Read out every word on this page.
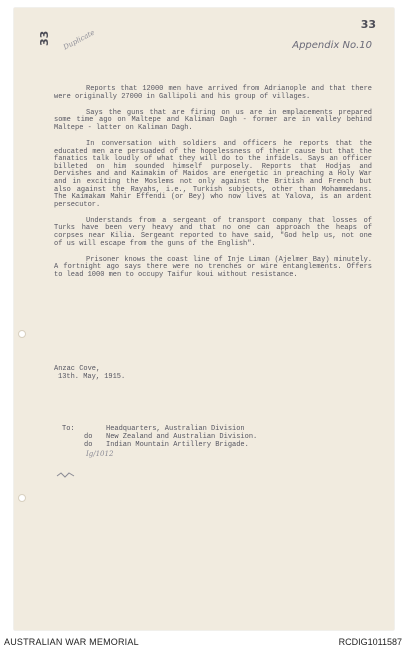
33
33 Duplicate	Appendix No.10

Reports that 12000 men have arrived from Adrianople and that there were originally 27000 in Gallipoli and his group of villages.

Says the guns that are firing on us are in emplacements prepared some time ago on Maltepe and Kaliman Dagh - former are in valley behind Maltepe - latter on Kaliman Dagh.

In conversation with soldiers and officers he reports that the educated men are persuaded of the hopelessness of their cause but that the fanatics talk loudly of what they will do to the infidels. Says an officer billeted on him sounded himself purposely. Reports that Hodjas and Dervishes and and Kaimakim of Maidos are energetic in preaching a Holy War and in exciting the Moslems not only against the British and French but also against the Rayahs, i.e., Turkish subjects, other than Mohammedans. The Kaimakam Mahir Effendi (or Bey) who now lives at Yalova, is an ardent persecutor.

Understands from a sergeant of transport company that losses of Turks have been very heavy and that no one can approach the heaps of corpses near Kilia. Sergeant reported to have said, "God help us, not one of us will escape from the guns of the English".

Prisoner knows the coast line of Inje Liman (Ajelmer Bay) minutely. A fortnight ago says there were no trenches or wire entanglements. Offers to lead 1000 men to occupy Taifur koui without resistance.

Anzac Cove,
13th. May, 1915.
To:	Headquarters, Australian Division
do	New Zealand and Australian Division.
do	Indian Mountain Artillery Brigade.
Ig/1012
AUSTRALIAN WAR MEMORIAL	RCDIG1011587
